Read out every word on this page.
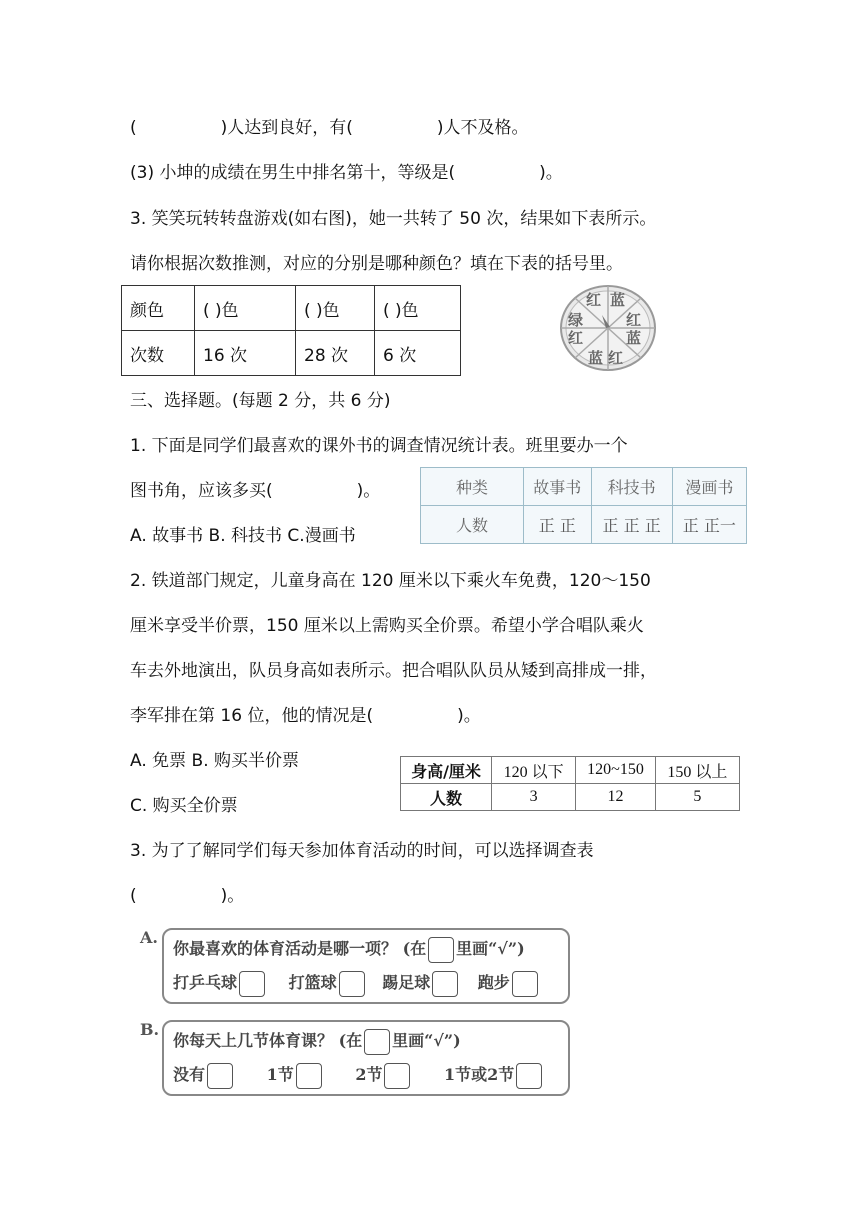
(	)人达到良好，有(	)人不及格。
(3) 小坤的成绩在男生中排名第十，等级是(	)。
3. 笑笑玩转转盘游戏(如右图)，她一共转了 50 次，结果如下表所示。
请你根据次数推测，对应的分别是哪种颜色？填在下表的括号里。
颜色	( )色	( )色	( )色
次数	16 次	28 次	6 次
红 蓝
红
蓝
红
蓝
红
绿
三、选择题。(每题 2 分，共 6 分)
1. 下面是同学们最喜欢的课外书的调查情况统计表。班里要办一个
图书角，应该多买(	)。
A. 故事书 B. 科技书 C.漫画书
种类	故事书	科技书	漫画书
人数	正 正	正 正 正	正 正一
2. 铁道部门规定，儿童身高在 120 厘米以下乘火车免费，120～150
厘米享受半价票，150 厘米以上需购买全价票。希望小学合唱队乘火
车去外地演出，队员身高如表所示。把合唱队队员从矮到高排成一排，
李军排在第 16 位，他的情况是(	)。
A. 免票 B. 购买半价票
C. 购买全价票
身高/厘米	120 以下	120~150	150 以上
人数	3	12	5
3. 为了了解同学们每天参加体育活动的时间，可以选择调查表
(	)。
A.
你最喜欢的体育活动是哪一项？ (在 里画“√”)
打乒乓球	打篮球	踢足球	跑步
B.
你每天上几节体育课？ (在 里画“√”)
没有	1节	2节	1节或2节
